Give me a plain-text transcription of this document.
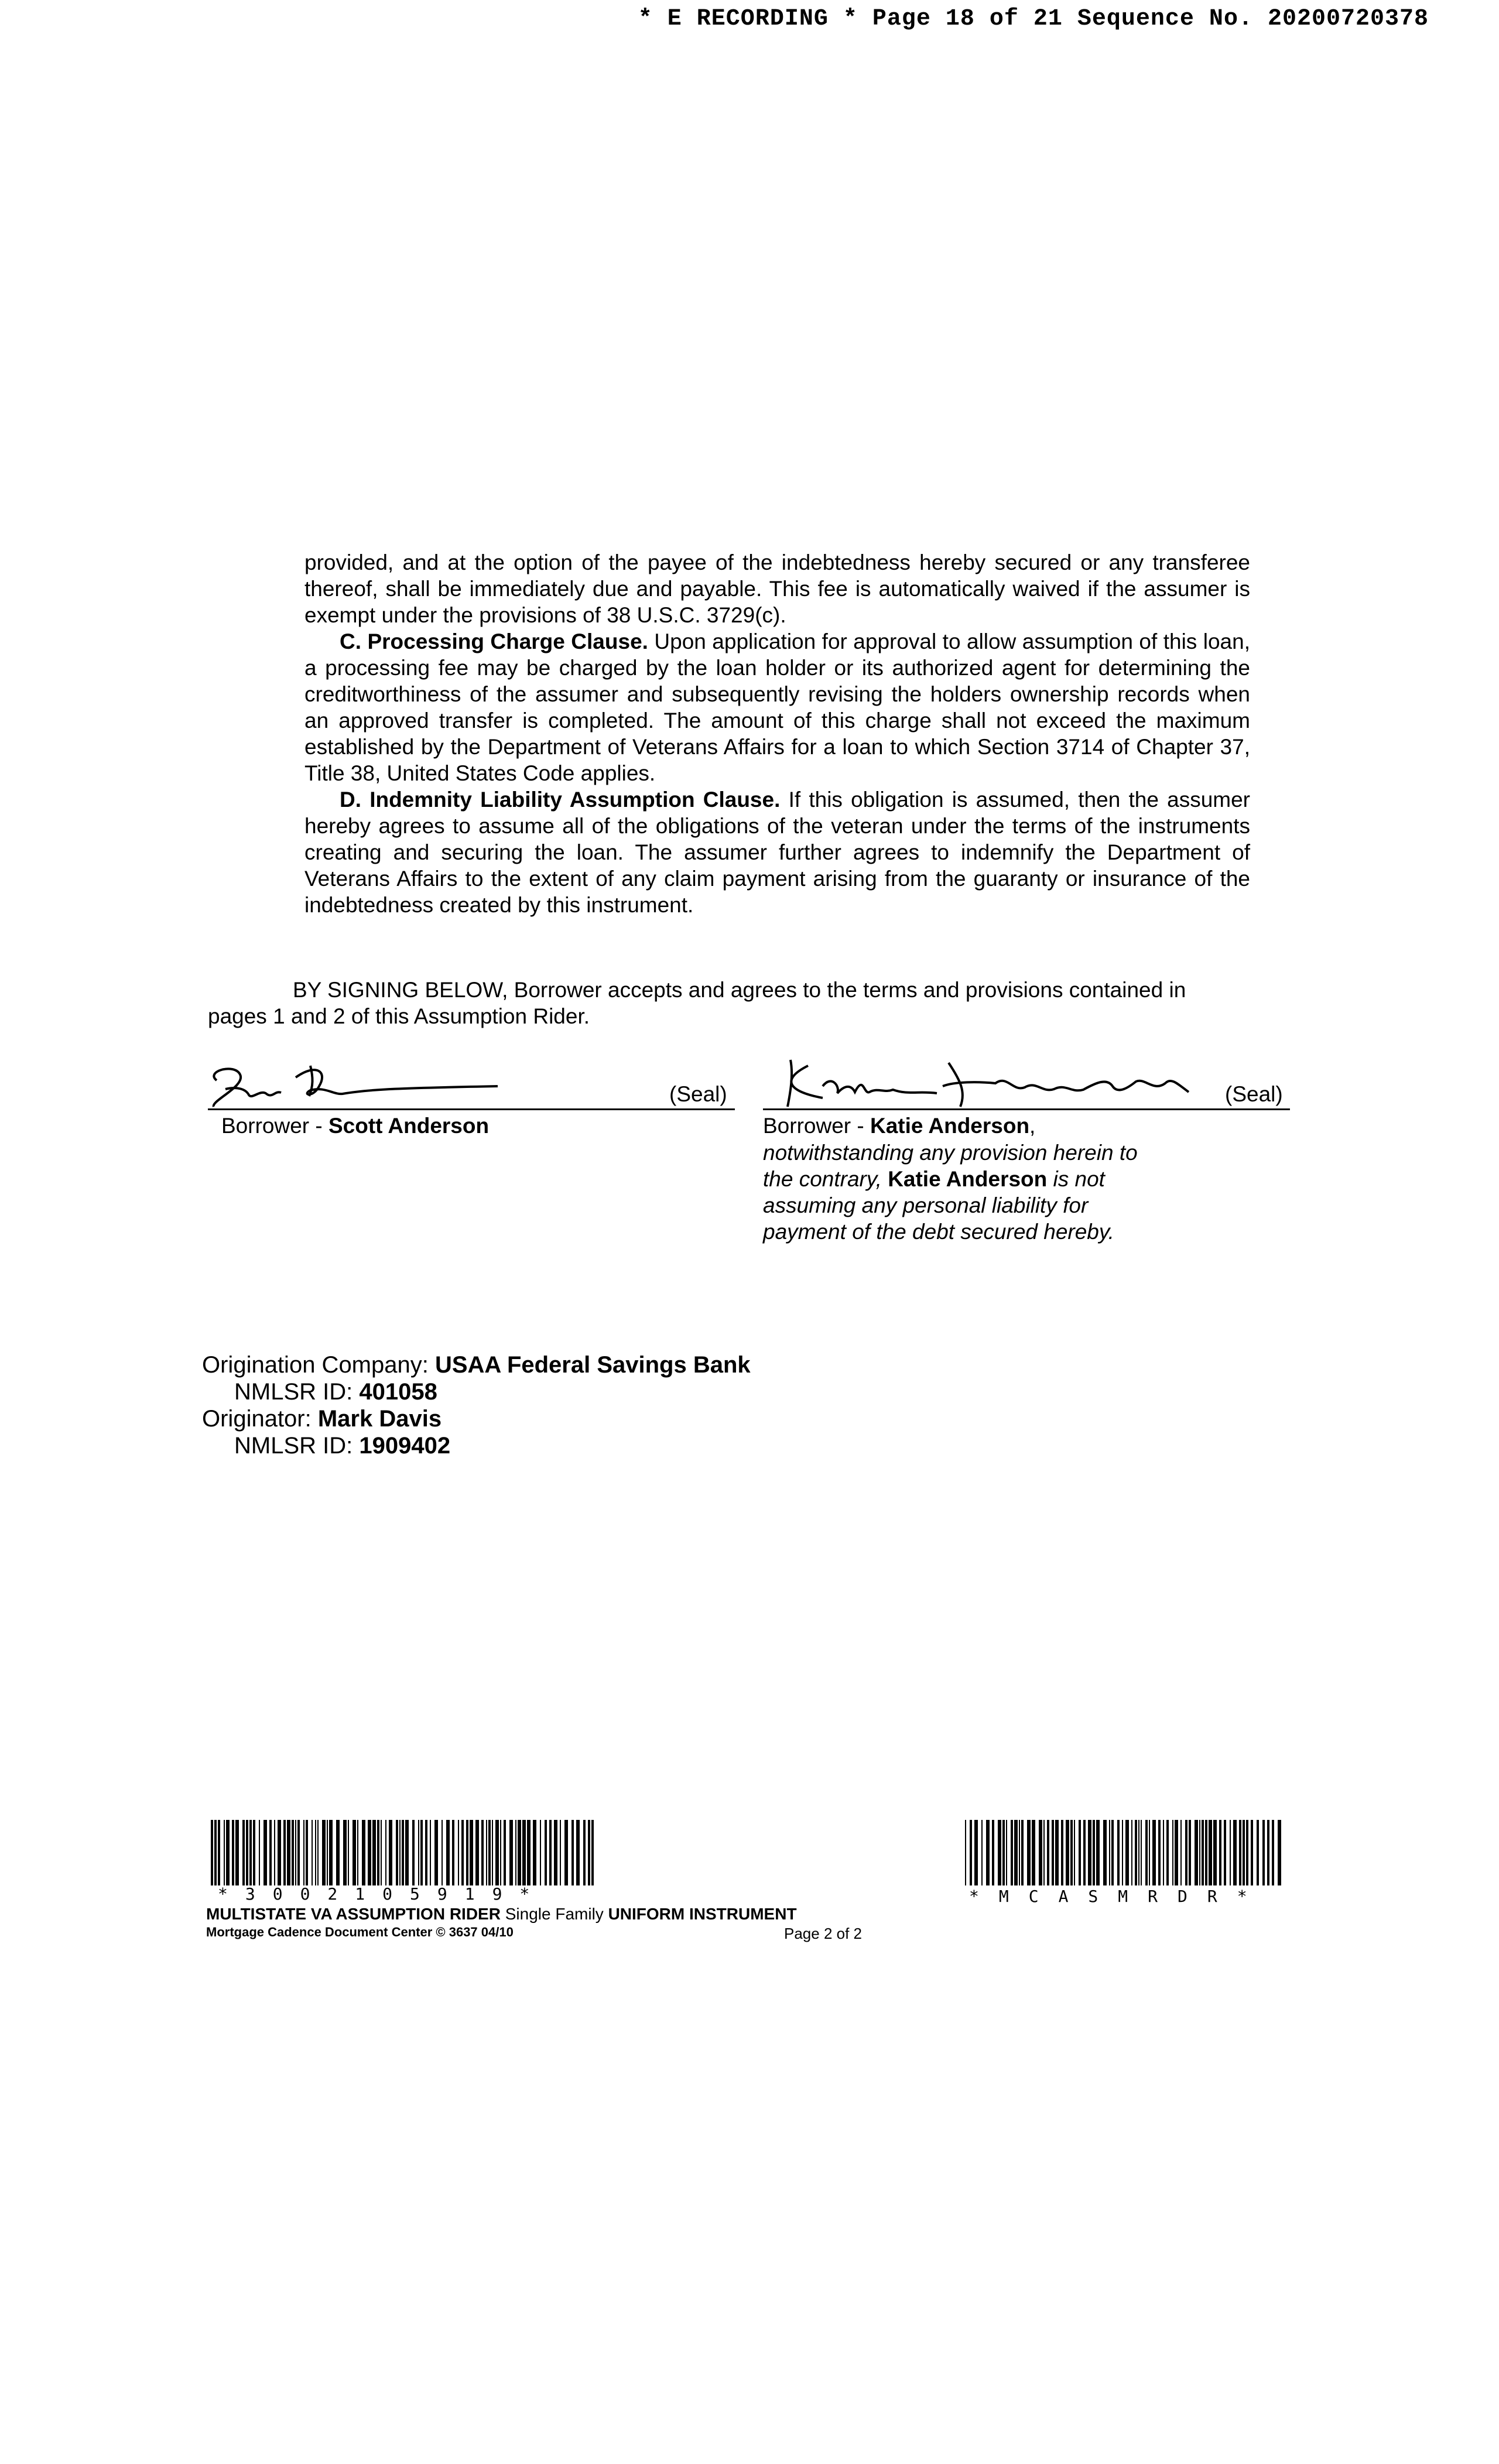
* E RECORDING * Page 18 of 21 Sequence No. 20200720378

provided, and at the option of the payee of the indebtedness hereby secured or any transferee thereof, shall be immediately due and payable. This fee is automatically waived if the assumer is exempt under the provisions of 38 U.S.C. 3729(c).

C. Processing Charge Clause. Upon application for approval to allow assumption of this loan, a processing fee may be charged by the loan holder or its authorized agent for determining the creditworthiness of the assumer and subsequently revising the holders ownership records when an approved transfer is completed. The amount of this charge shall not exceed the maximum established by the Department of Veterans Affairs for a loan to which Section 3714 of Chapter 37, Title 38, United States Code applies.

D. Indemnity Liability Assumption Clause. If this obligation is assumed, then the assumer hereby agrees to assume all of the obligations of the veteran under the terms of the instruments creating and securing the loan. The assumer further agrees to indemnify the Department of Veterans Affairs to the extent of any claim payment arising from the guaranty or insurance of the indebtedness created by this instrument.

BY SIGNING BELOW, Borrower accepts and agrees to the terms and provisions contained in
pages 1 and 2 of this Assumption Rider.
(Seal)
Borrower - Scott Anderson
(Seal)
Borrower - Katie Anderson,
notwithstanding any provision herein to the contrary, Katie Anderson is not assuming any personal liability for payment of the debt secured hereby.
Origination Company: USAA Federal Savings Bank
NMLSR ID: 401058
Originator: Mark Davis
NMLSR ID: 1909402
*3002105919*	*MCASMRDR*
MULTISTATE VA ASSUMPTION RIDER Single Family UNIFORM INSTRUMENT
Mortgage Cadence Document Center © 3637 04/10	Page 2 of 2
